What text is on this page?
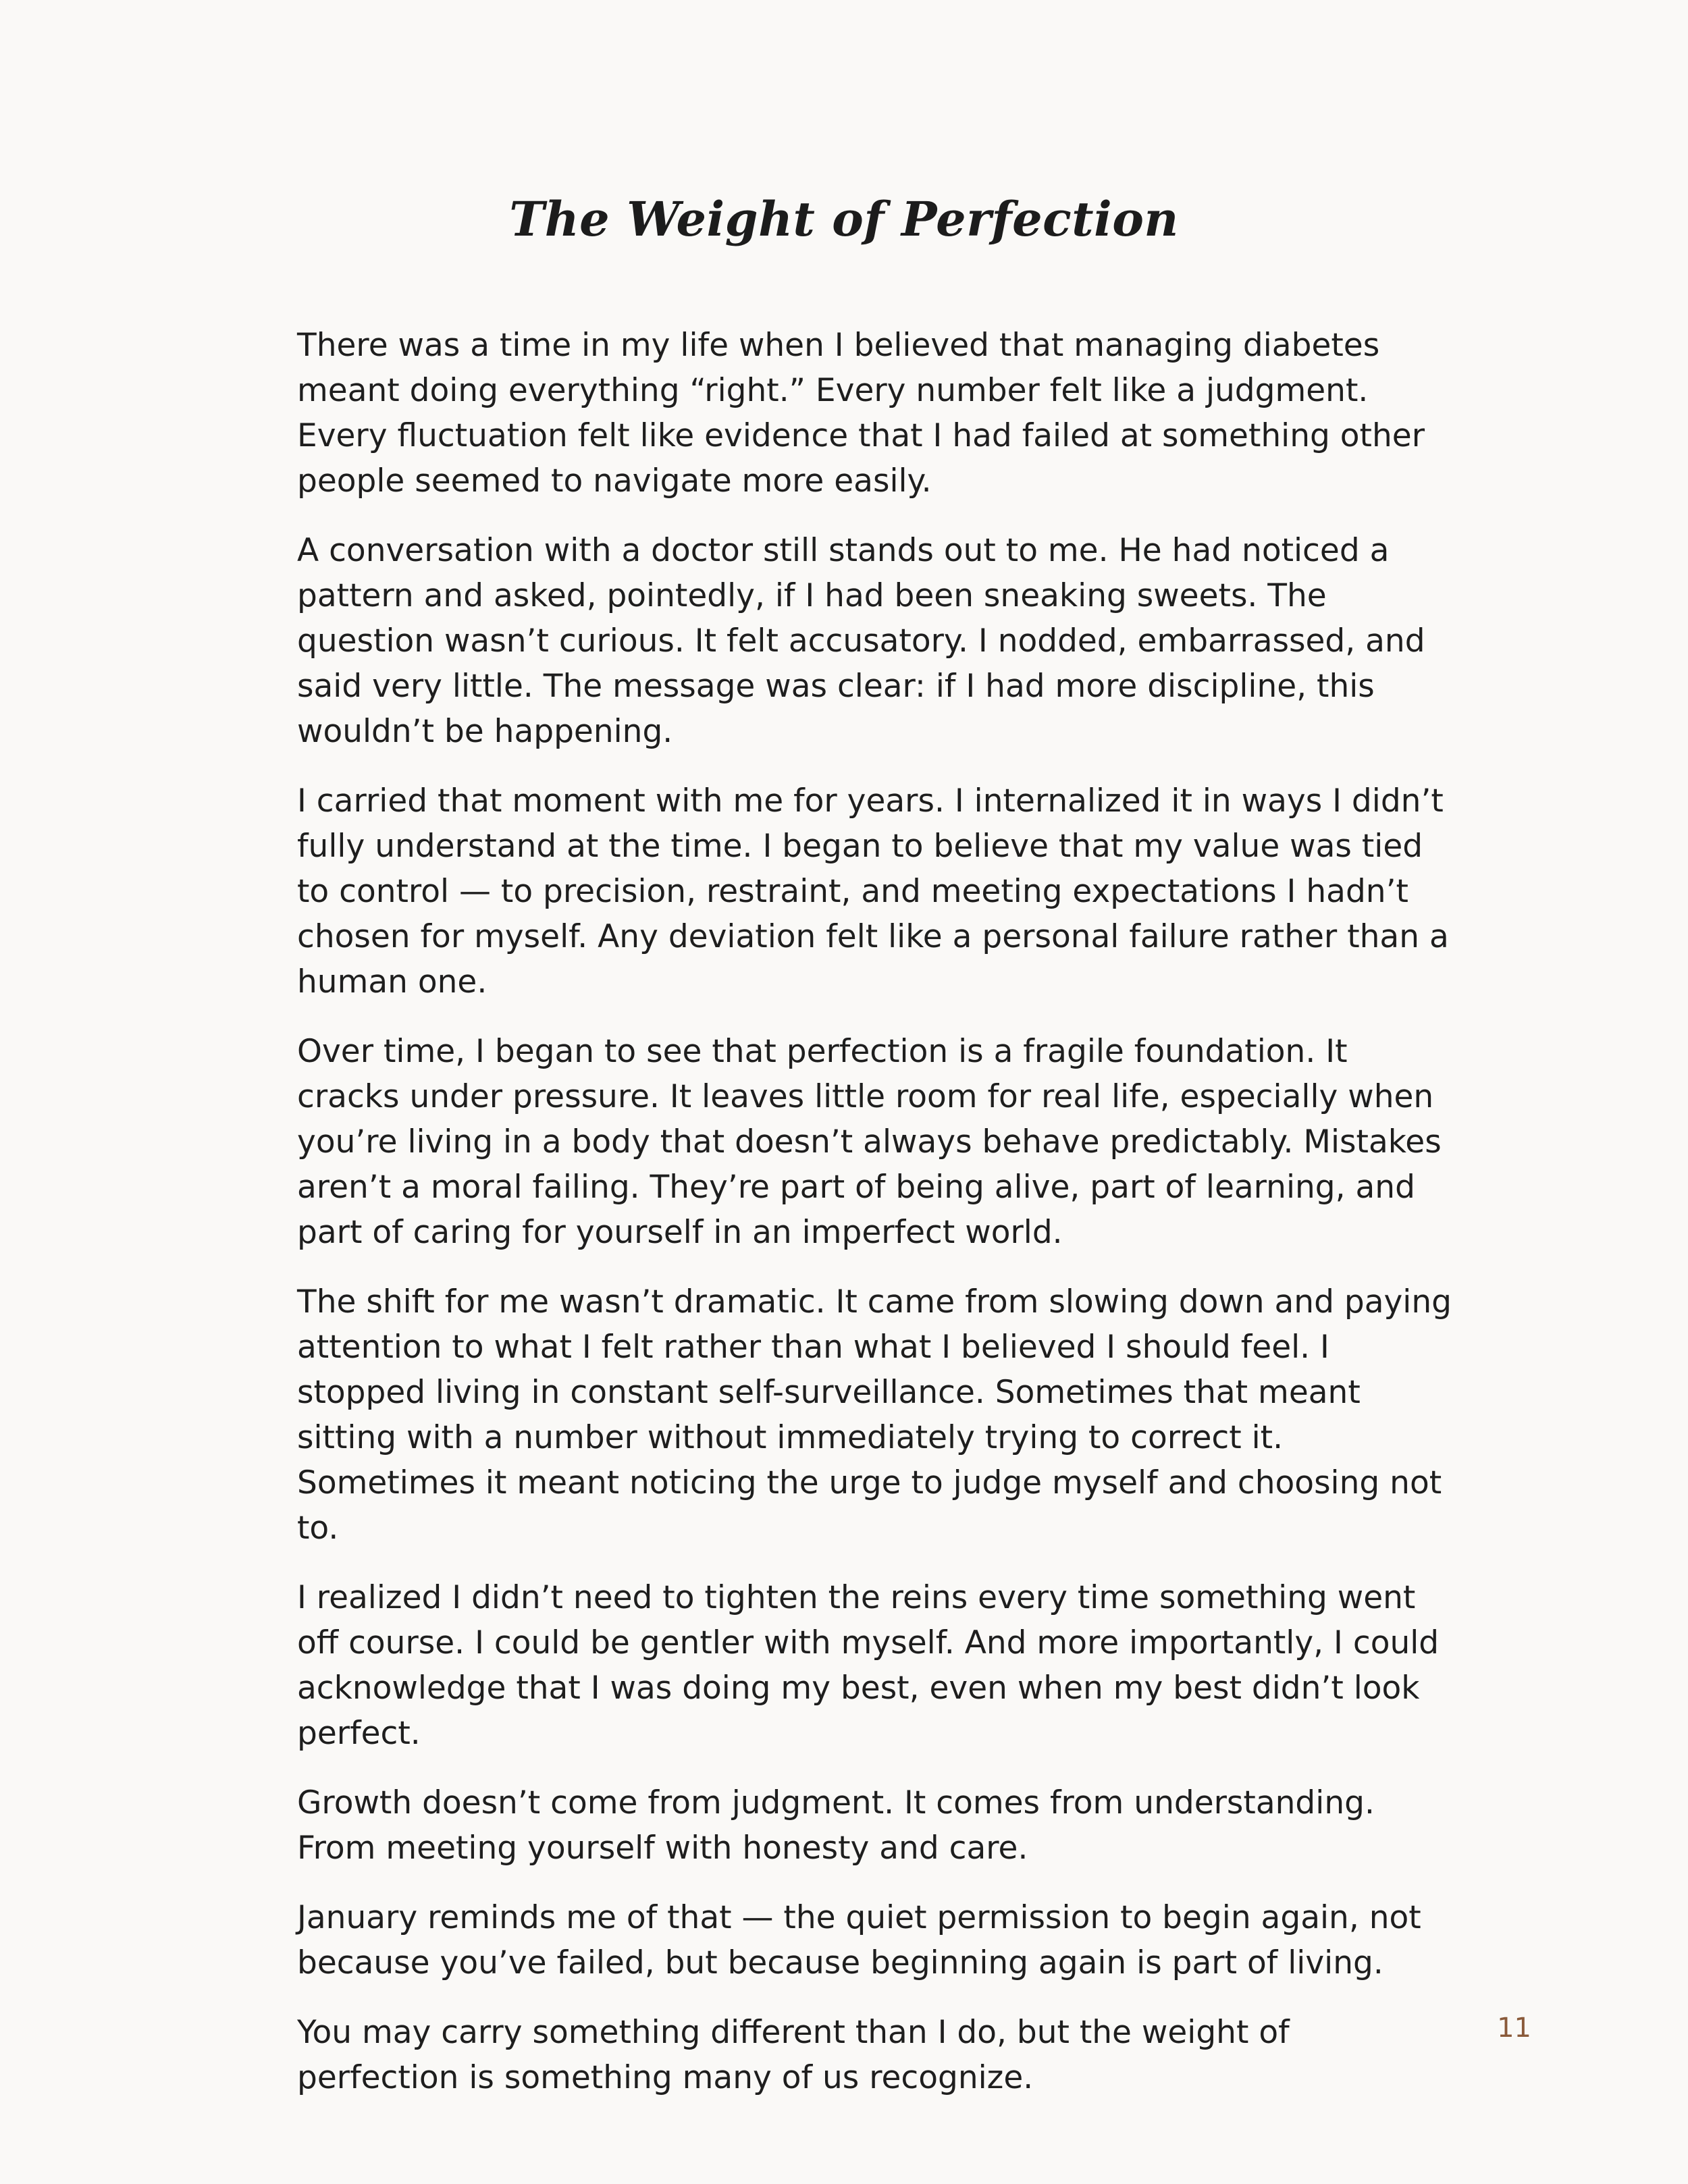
The Weight of Perfection

There was a time in my life when I believed that managing diabetes meant doing everything “right.” Every number felt like a judgment. Every fluctuation felt like evidence that I had failed at something other people seemed to navigate more easily.

A conversation with a doctor still stands out to me. He had noticed a pattern and asked, pointedly, if I had been sneaking sweets. The question wasn’t curious. It felt accusatory. I nodded, embarrassed, and said very little. The message was clear: if I had more discipline, this wouldn’t be happening.

I carried that moment with me for years. I internalized it in ways I didn’t fully understand at the time. I began to believe that my value was tied to control — to precision, restraint, and meeting expectations I hadn’t chosen for myself. Any deviation felt like a personal failure rather than a human one.

Over time, I began to see that perfection is a fragile foundation. It cracks under pressure. It leaves little room for real life, especially when you’re living in a body that doesn’t always behave predictably. Mistakes aren’t a moral failing. They’re part of being alive, part of learning, and part of caring for yourself in an imperfect world.

The shift for me wasn’t dramatic. It came from slowing down and paying attention to what I felt rather than what I believed I should feel. I stopped living in constant self-surveillance. Sometimes that meant sitting with a number without immediately trying to correct it. Sometimes it meant noticing the urge to judge myself and choosing not to.

I realized I didn’t need to tighten the reins every time something went off course. I could be gentler with myself. And more importantly, I could acknowledge that I was doing my best, even when my best didn’t look perfect.

Growth doesn’t come from judgment. It comes from understanding. From meeting yourself with honesty and care.

January reminds me of that — the quiet permission to begin again, not because you’ve failed, but because beginning again is part of living.

You may carry something different than I do, but the weight of perfection is something many of us recognize.

11
